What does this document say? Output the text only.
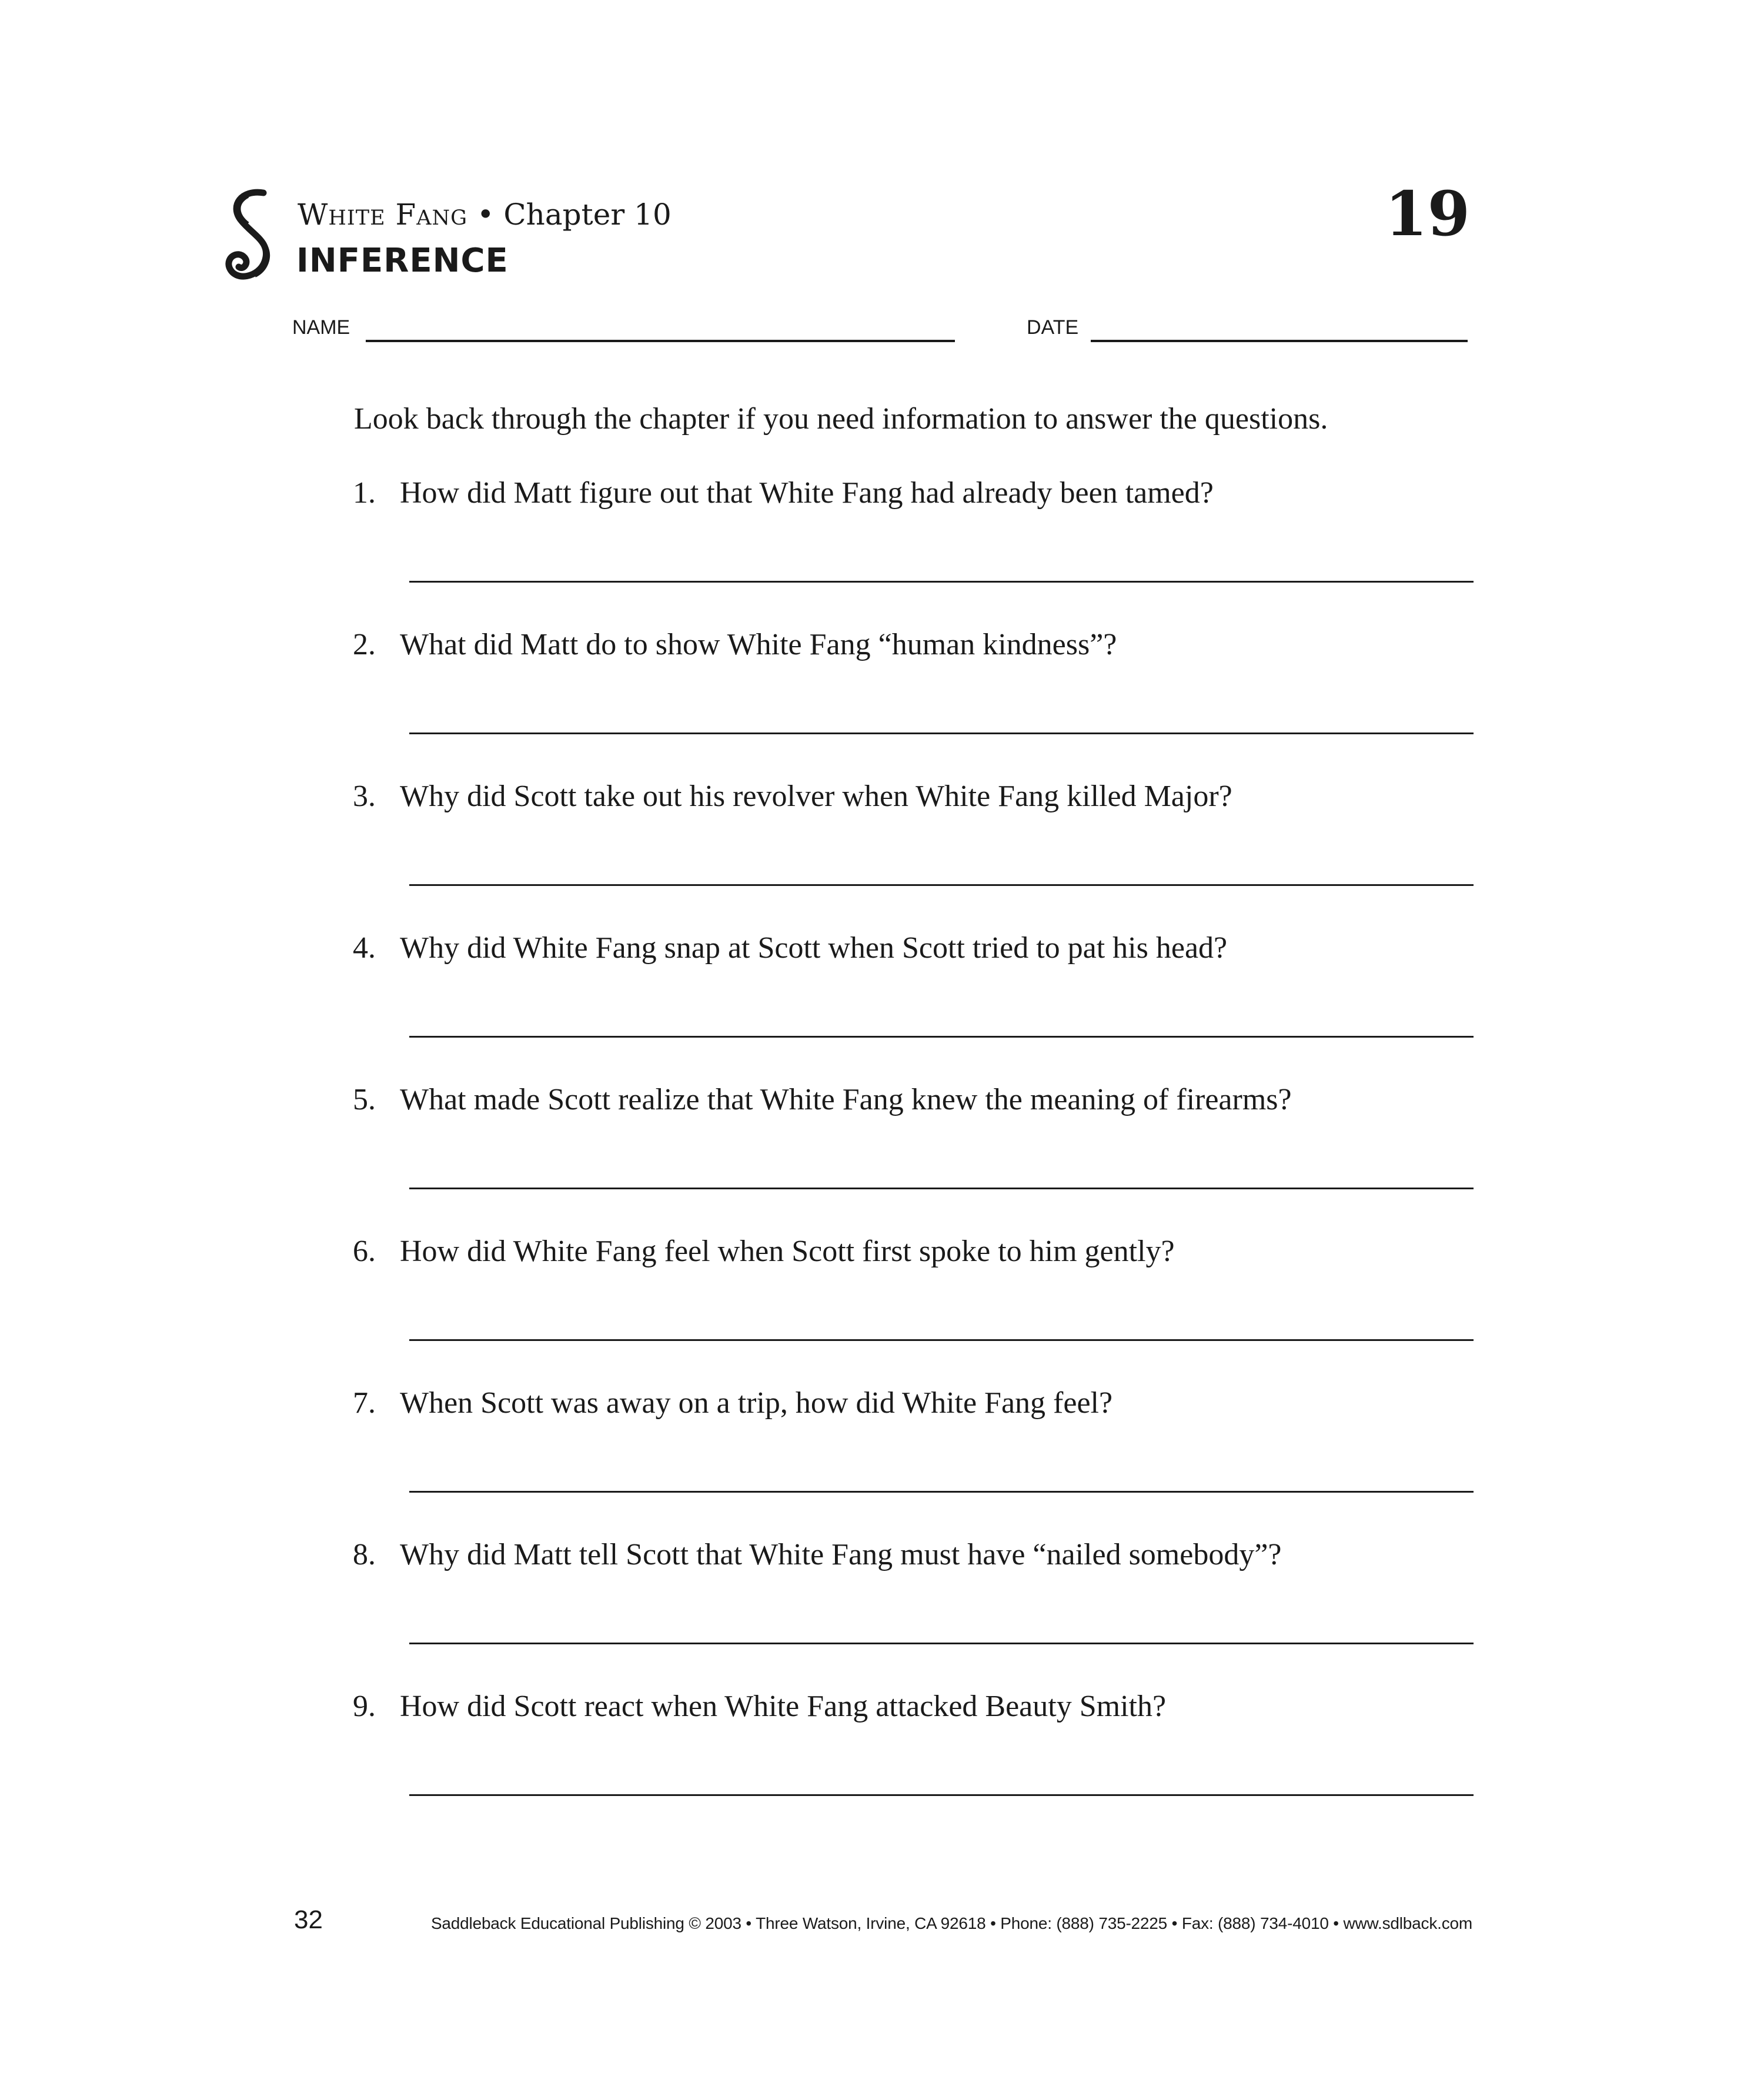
White Fang • Chapter 10
INFERENCE
19
NAME	DATE
Look back through the chapter if you need information to answer the questions.
1. How did Matt figure out that White Fang had already been tamed?
2. What did Matt do to show White Fang “human kindness”?
3. Why did Scott take out his revolver when White Fang killed Major?
4. Why did White Fang snap at Scott when Scott tried to pat his head?
5. What made Scott realize that White Fang knew the meaning of firearms?
6. How did White Fang feel when Scott first spoke to him gently?
7. When Scott was away on a trip, how did White Fang feel?
8. Why did Matt tell Scott that White Fang must have “nailed somebody”?
9. How did Scott react when White Fang attacked Beauty Smith?
32	Saddleback Educational Publishing © 2003 • Three Watson, Irvine, CA 92618 • Phone: (888) 735-2225 • Fax: (888) 734-4010 • www.sdlback.com
